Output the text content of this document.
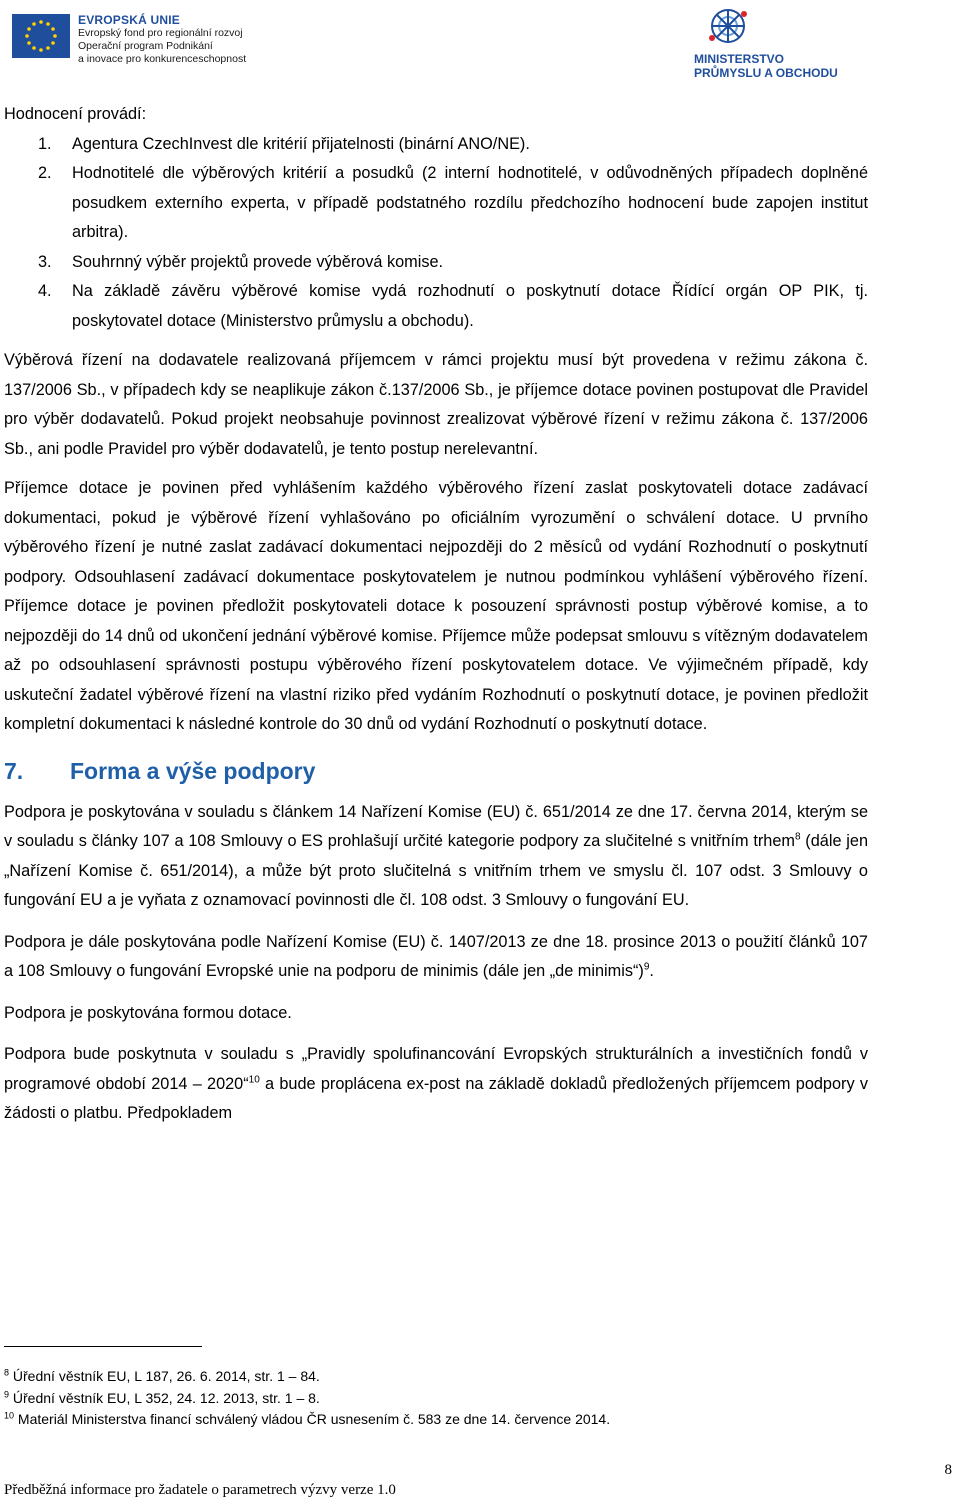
EVROPSKÁ UNIE
Evropský fond pro regionální rozvoj
Operační program Podnikání
a inovace pro konkurenceschopnost	MINISTERSTVO
PRŮMYSLU A OBCHODU

Hodnocení provádí:

1. Agentura CzechInvest dle kritérií přijatelnosti (binární ANO/NE).
2. Hodnotitelé dle výběrových kritérií a posudků (2 interní hodnotitelé, v odůvodněných případech doplněné posudkem externího experta, v případě podstatného rozdílu předchozího hodnocení bude zapojen institut arbitra).
3. Souhrnný výběr projektů provede výběrová komise.
4. Na základě závěru výběrové komise vydá rozhodnutí o poskytnutí dotace Řídící orgán OP PIK, tj. poskytovatel dotace (Ministerstvo průmyslu a obchodu).

Výběrová řízení na dodavatele realizovaná příjemcem v rámci projektu musí být provedena v režimu zákona č. 137/2006 Sb., v případech kdy se neaplikuje zákon č.137/2006 Sb., je příjemce dotace povinen postupovat dle Pravidel pro výběr dodavatelů. Pokud projekt neobsahuje povinnost zrealizovat výběrové řízení v režimu zákona č. 137/2006 Sb., ani podle Pravidel pro výběr dodavatelů, je tento postup nerelevantní.

Příjemce dotace je povinen před vyhlášením každého výběrového řízení zaslat poskytovateli dotace zadávací dokumentaci, pokud je výběrové řízení vyhlašováno po oficiálním vyrozumění o schválení dotace. U prvního výběrového řízení je nutné zaslat zadávací dokumentaci nejpozději do 2 měsíců od vydání Rozhodnutí o poskytnutí podpory. Odsouhlasení zadávací dokumentace poskytovatelem je nutnou podmínkou vyhlášení výběrového řízení. Příjemce dotace je povinen předložit poskytovateli dotace k posouzení správnosti postup výběrové komise, a to nejpozději do 14 dnů od ukončení jednání výběrové komise. Příjemce může podepsat smlouvu s vítězným dodavatelem až po odsouhlasení správnosti postupu výběrového řízení poskytovatelem dotace. Ve výjimečném případě, kdy uskuteční žadatel výběrové řízení na vlastní riziko před vydáním Rozhodnutí o poskytnutí dotace, je povinen předložit kompletní dokumentaci k následné kontrole do 30 dnů od vydání Rozhodnutí o poskytnutí dotace.

7. Forma a výše podpory

Podpora je poskytována v souladu s článkem 14 Nařízení Komise (EU) č. 651/2014 ze dne 17. června 2014, kterým se v souladu s články 107 a 108 Smlouvy o ES prohlašují určité kategorie podpory za slučitelné s vnitřním trhem$^8$ (dále jen „Nařízení Komise č. 651/2014), a může být proto slučitelná s vnitřním trhem ve smyslu čl. 107 odst. 3 Smlouvy o fungování EU a je vyňata z oznamovací povinnosti dle čl. 108 odst. 3 Smlouvy o fungování EU.

Podpora je dále poskytována podle Nařízení Komise (EU) č. 1407/2013 ze dne 18. prosince 2013 o použití článků 107 a 108 Smlouvy o fungování Evropské unie na podporu de minimis (dále jen „de minimis“)$^9$.

Podpora je poskytována formou dotace.

Podpora bude poskytnuta v souladu s „Pravidly spolufinancování Evropských strukturálních a investičních fondů v programové období 2014 – 2020“$^{10}$ a bude proplácena ex-post na základě dokladů předložených příjemcem podpory v žádosti o platbu. Předpokladem

$^8$ Úřední věstník EU, L 187, 26. 6. 2014, str. 1 – 84.
$^9$ Úřední věstník EU, L 352, 24. 12. 2013, str. 1 – 8.
$^{10}$ Materiál Ministerstva financí schválený vládou ČR usnesením č. 583 ze dne 14. července 2014.
Předběžná informace pro žadatele o parametrech výzvy verze 1.0
8
